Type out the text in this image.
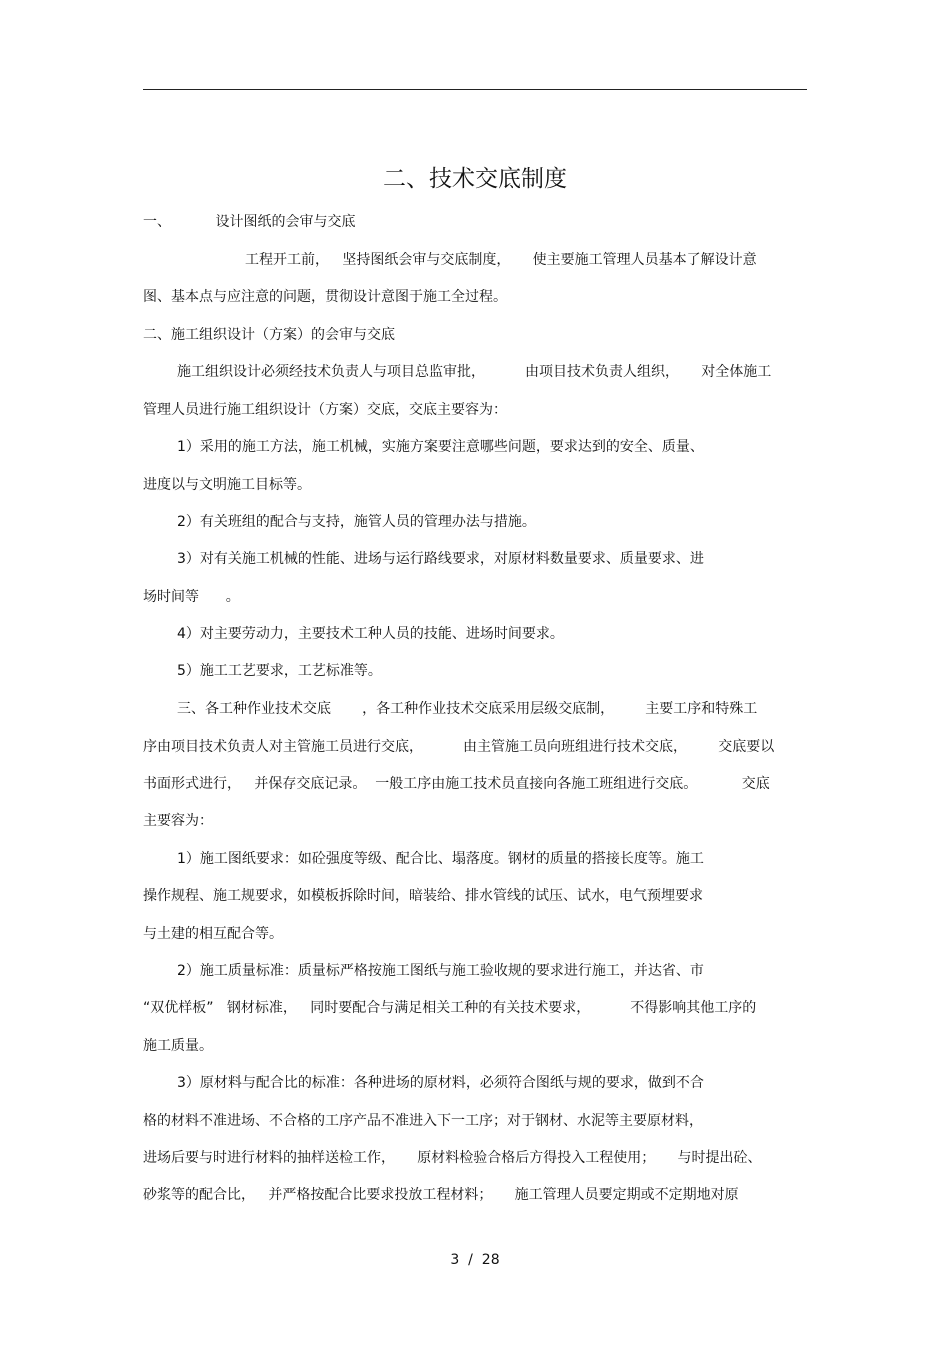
二、技术交底制度
一、          设计图纸的会审与交底
工程开工前，   坚持图纸会审与交底制度，     使主要施工管理人员基本了解设计意
图、基本点与应注意的问题，贯彻设计意图于施工全过程。
二、施工组织设计（方案）的会审与交底
施工组织设计必须经技术负责人与项目总监审批，         由项目技术负责人组织，     对全体施工
管理人员进行施工组织设计（方案）交底，交底主要容为：
1）采用的施工方法，施工机械，实施方案要注意哪些问题，要求达到的安全、质量、
进度以与文明施工目标等。
2）有关班组的配合与支持，施管人员的管理办法与措施。
3）对有关施工机械的性能、进场与运行路线要求，对原材料数量要求、质量要求、进
场时间等      。
4）对主要劳动力，主要技术工种人员的技能、进场时间要求。
5）施工工艺要求，工艺标准等。
三、各工种作业技术交底       ，各工种作业技术交底采用层级交底制，       主要工序和特殊工
序由项目技术负责人对主管施工员进行交底，         由主管施工员向班组进行技术交底，       交底要以
书面形式进行，   并保存交底记录。  一般工序由施工技术员直接向各施工班组进行交底。          交底
主要容为：
1）施工图纸要求：如砼强度等级、配合比、塌落度。钢材的质量的搭接长度等。施工
操作规程、施工规要求，如模板拆除时间，暗装给、排水管线的试压、试水，电气预埋要求
与土建的相互配合等。
2）施工质量标准：质量标严格按施工图纸与施工验收规的要求进行施工，并达省、市
“双优样板”   钢材标准，   同时要配合与满足相关工种的有关技术要求，         不得影响其他工序的
施工质量。
3）原材料与配合比的标准：各种进场的原材料，必须符合图纸与规的要求，做到不合
格的材料不准进场、不合格的工序产品不准进入下一工序；对于钢材、水泥等主要原材料，
进场后要与时进行材料的抽样送检工作，     原材料检验合格后方得投入工程使用；     与时提出砼、
砂浆等的配合比，   并严格按配合比要求投放工程材料；     施工管理人员要定期或不定期地对原
3  /  28
